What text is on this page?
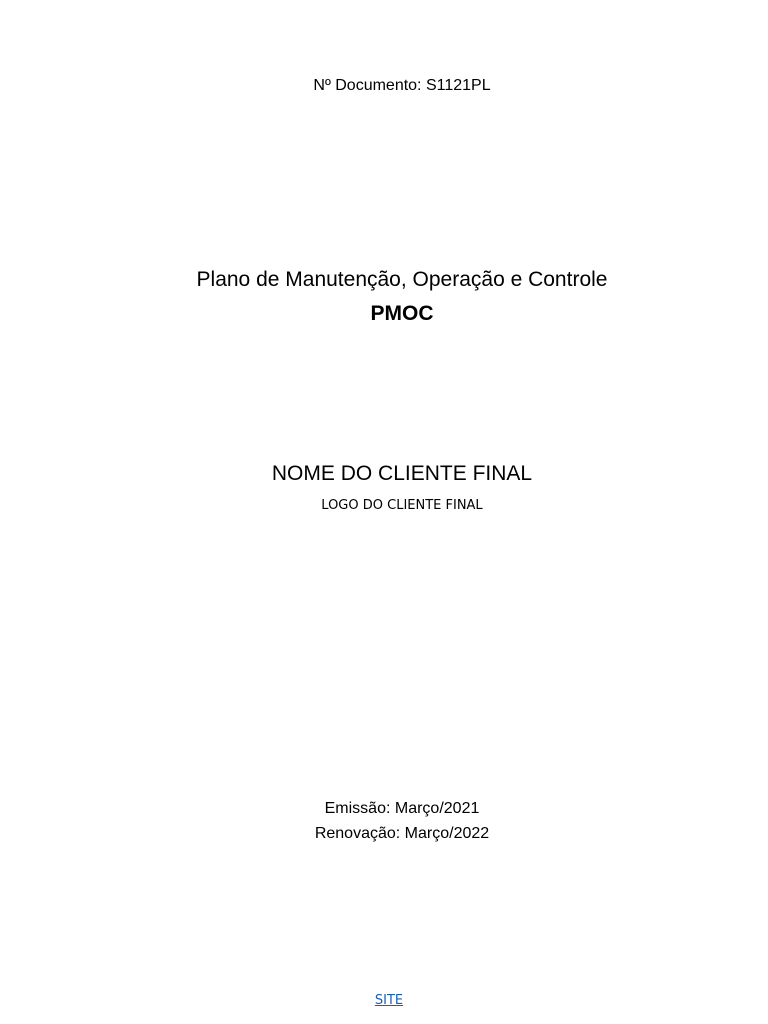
Nº Documento: S1121PL
Plano de Manutenção, Operação e Controle
PMOC
NOME DO CLIENTE FINAL
LOGO DO CLIENTE FINAL
Emissão: Março/2021
Renovação: Março/2022
SITE
